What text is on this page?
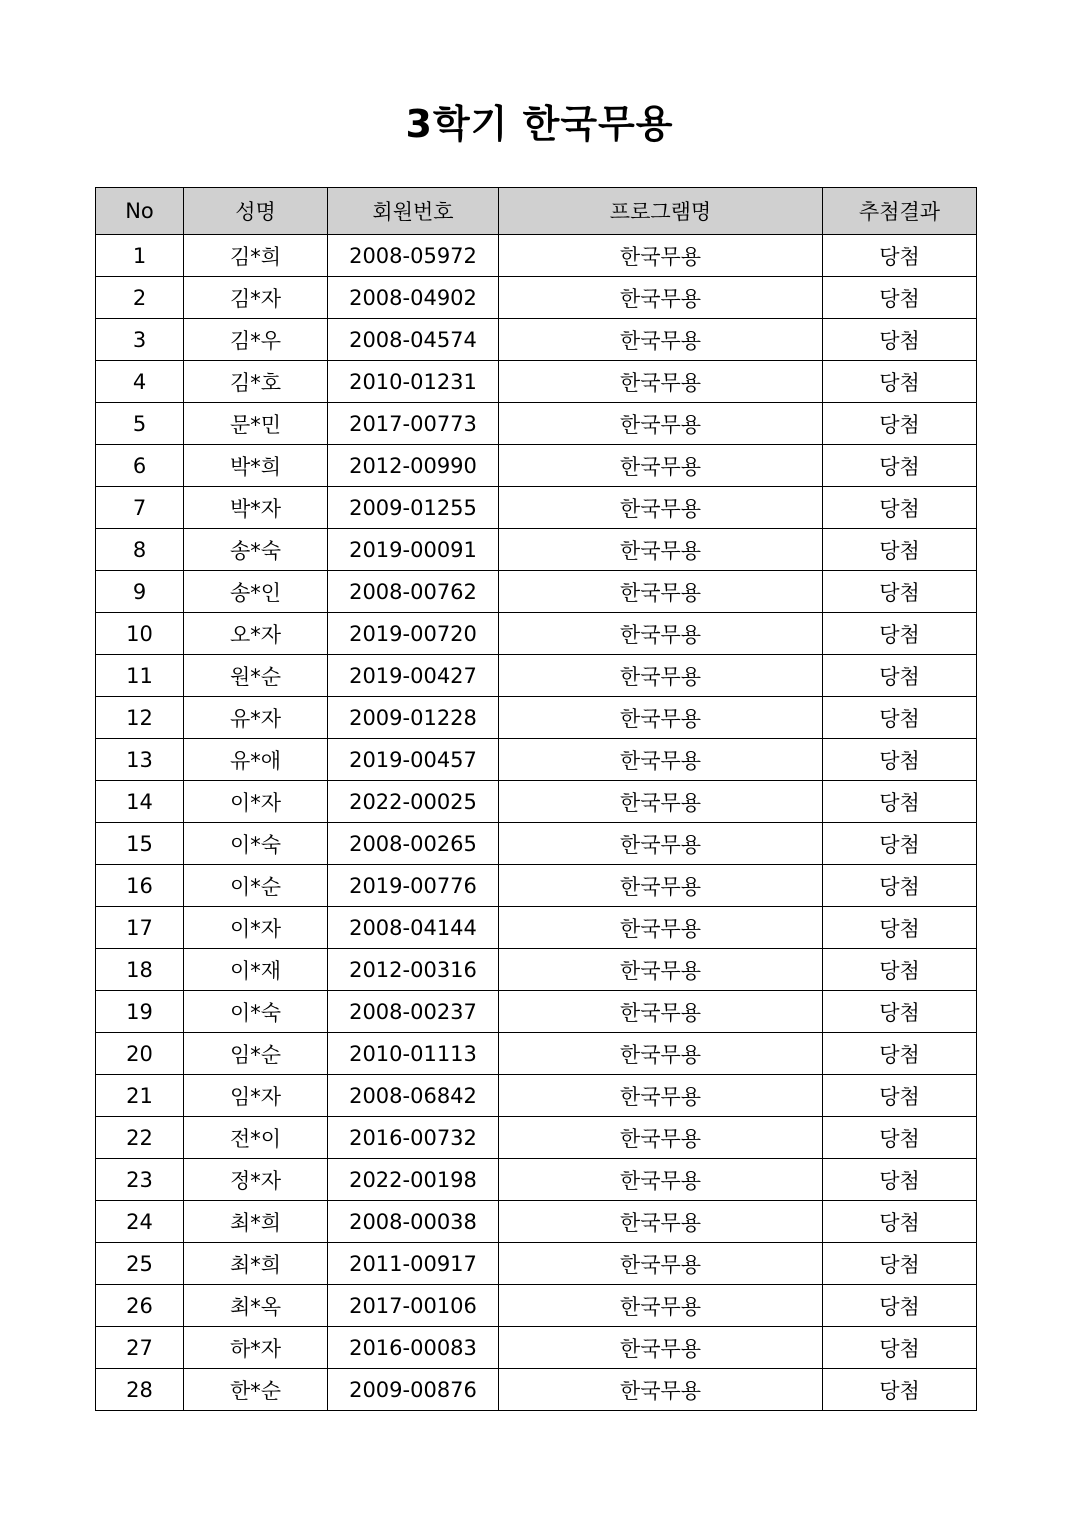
3학기 한국무용
No	성명	회원번호	프로그램명	추첨결과
1	김*희	2008-05972	한국무용	당첨
2	김*자	2008-04902	한국무용	당첨
3	김*우	2008-04574	한국무용	당첨
4	김*호	2010-01231	한국무용	당첨
5	문*민	2017-00773	한국무용	당첨
6	박*희	2012-00990	한국무용	당첨
7	박*자	2009-01255	한국무용	당첨
8	송*숙	2019-00091	한국무용	당첨
9	송*인	2008-00762	한국무용	당첨
10	오*자	2019-00720	한국무용	당첨
11	원*순	2019-00427	한국무용	당첨
12	유*자	2009-01228	한국무용	당첨
13	유*애	2019-00457	한국무용	당첨
14	이*자	2022-00025	한국무용	당첨
15	이*숙	2008-00265	한국무용	당첨
16	이*순	2019-00776	한국무용	당첨
17	이*자	2008-04144	한국무용	당첨
18	이*재	2012-00316	한국무용	당첨
19	이*숙	2008-00237	한국무용	당첨
20	임*순	2010-01113	한국무용	당첨
21	임*자	2008-06842	한국무용	당첨
22	전*이	2016-00732	한국무용	당첨
23	정*자	2022-00198	한국무용	당첨
24	최*희	2008-00038	한국무용	당첨
25	최*희	2011-00917	한국무용	당첨
26	최*옥	2017-00106	한국무용	당첨
27	하*자	2016-00083	한국무용	당첨
28	한*순	2009-00876	한국무용	당첨
